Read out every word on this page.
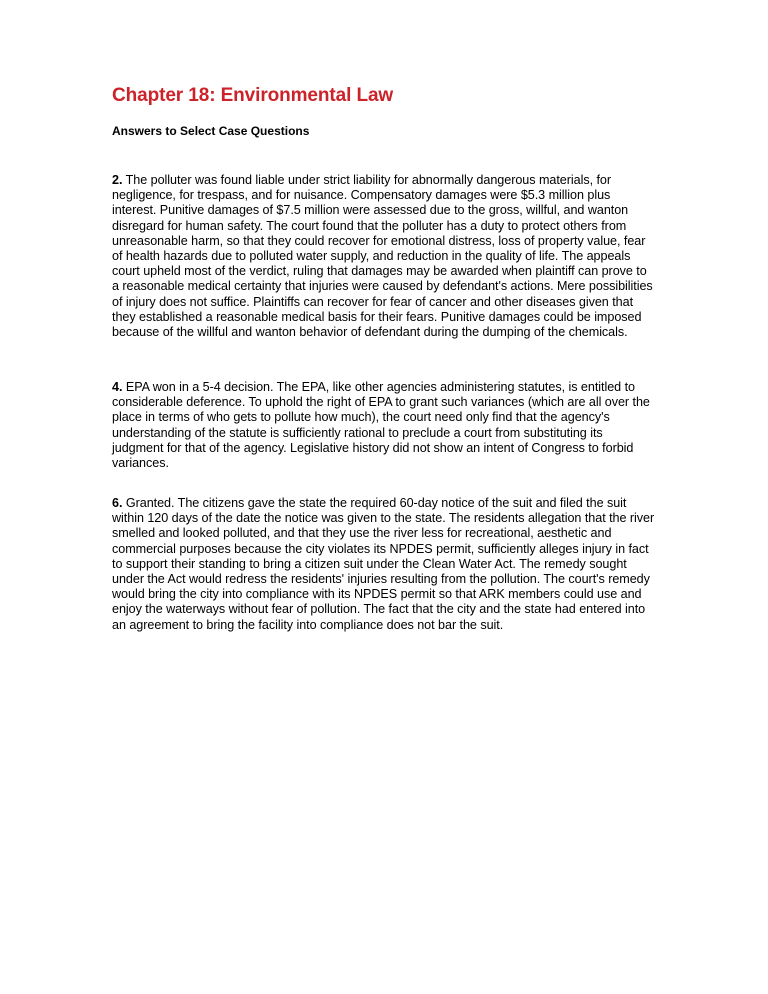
Chapter 18: Environmental Law
Answers to Select Case Questions

2. The polluter was found liable under strict liability for abnormally dangerous materials, for negligence, for trespass, and for nuisance. Compensatory damages were $5.3 million plus interest. Punitive damages of $7.5 million were assessed due to the gross, willful, and wanton disregard for human safety. The court found that the polluter has a duty to protect others from unreasonable harm, so that they could recover for emotional distress, loss of property value, fear of health hazards due to polluted water supply, and reduction in the quality of life. The appeals court upheld most of the verdict, ruling that damages may be awarded when plaintiff can prove to a reasonable medical certainty that injuries were caused by defendant's actions. Mere possibilities of injury does not suffice. Plaintiffs can recover for fear of cancer and other diseases given that they established a reasonable medical basis for their fears. Punitive damages could be imposed because of the willful and wanton behavior of defendant during the dumping of the chemicals.

4. EPA won in a 5-4 decision. The EPA, like other agencies administering statutes, is entitled to considerable deference. To uphold the right of EPA to grant such variances (which are all over the place in terms of who gets to pollute how much), the court need only find that the agency's understanding of the statute is sufficiently rational to preclude a court from substituting its judgment for that of the agency. Legislative history did not show an intent of Congress to forbid variances.

6. Granted. The citizens gave the state the required 60-day notice of the suit and filed the suit within 120 days of the date the notice was given to the state. The residents allegation that the river smelled and looked polluted, and that they use the river less for recreational, aesthetic and commercial purposes because the city violates its NPDES permit, sufficiently alleges injury in fact to support their standing to bring a citizen suit under the Clean Water Act. The remedy sought under the Act would redress the residents' injuries resulting from the pollution. The court's remedy would bring the city into compliance with its NPDES permit so that ARK members could use and enjoy the waterways without fear of pollution. The fact that the city and the state had entered into an agreement to bring the facility into compliance does not bar the suit.
